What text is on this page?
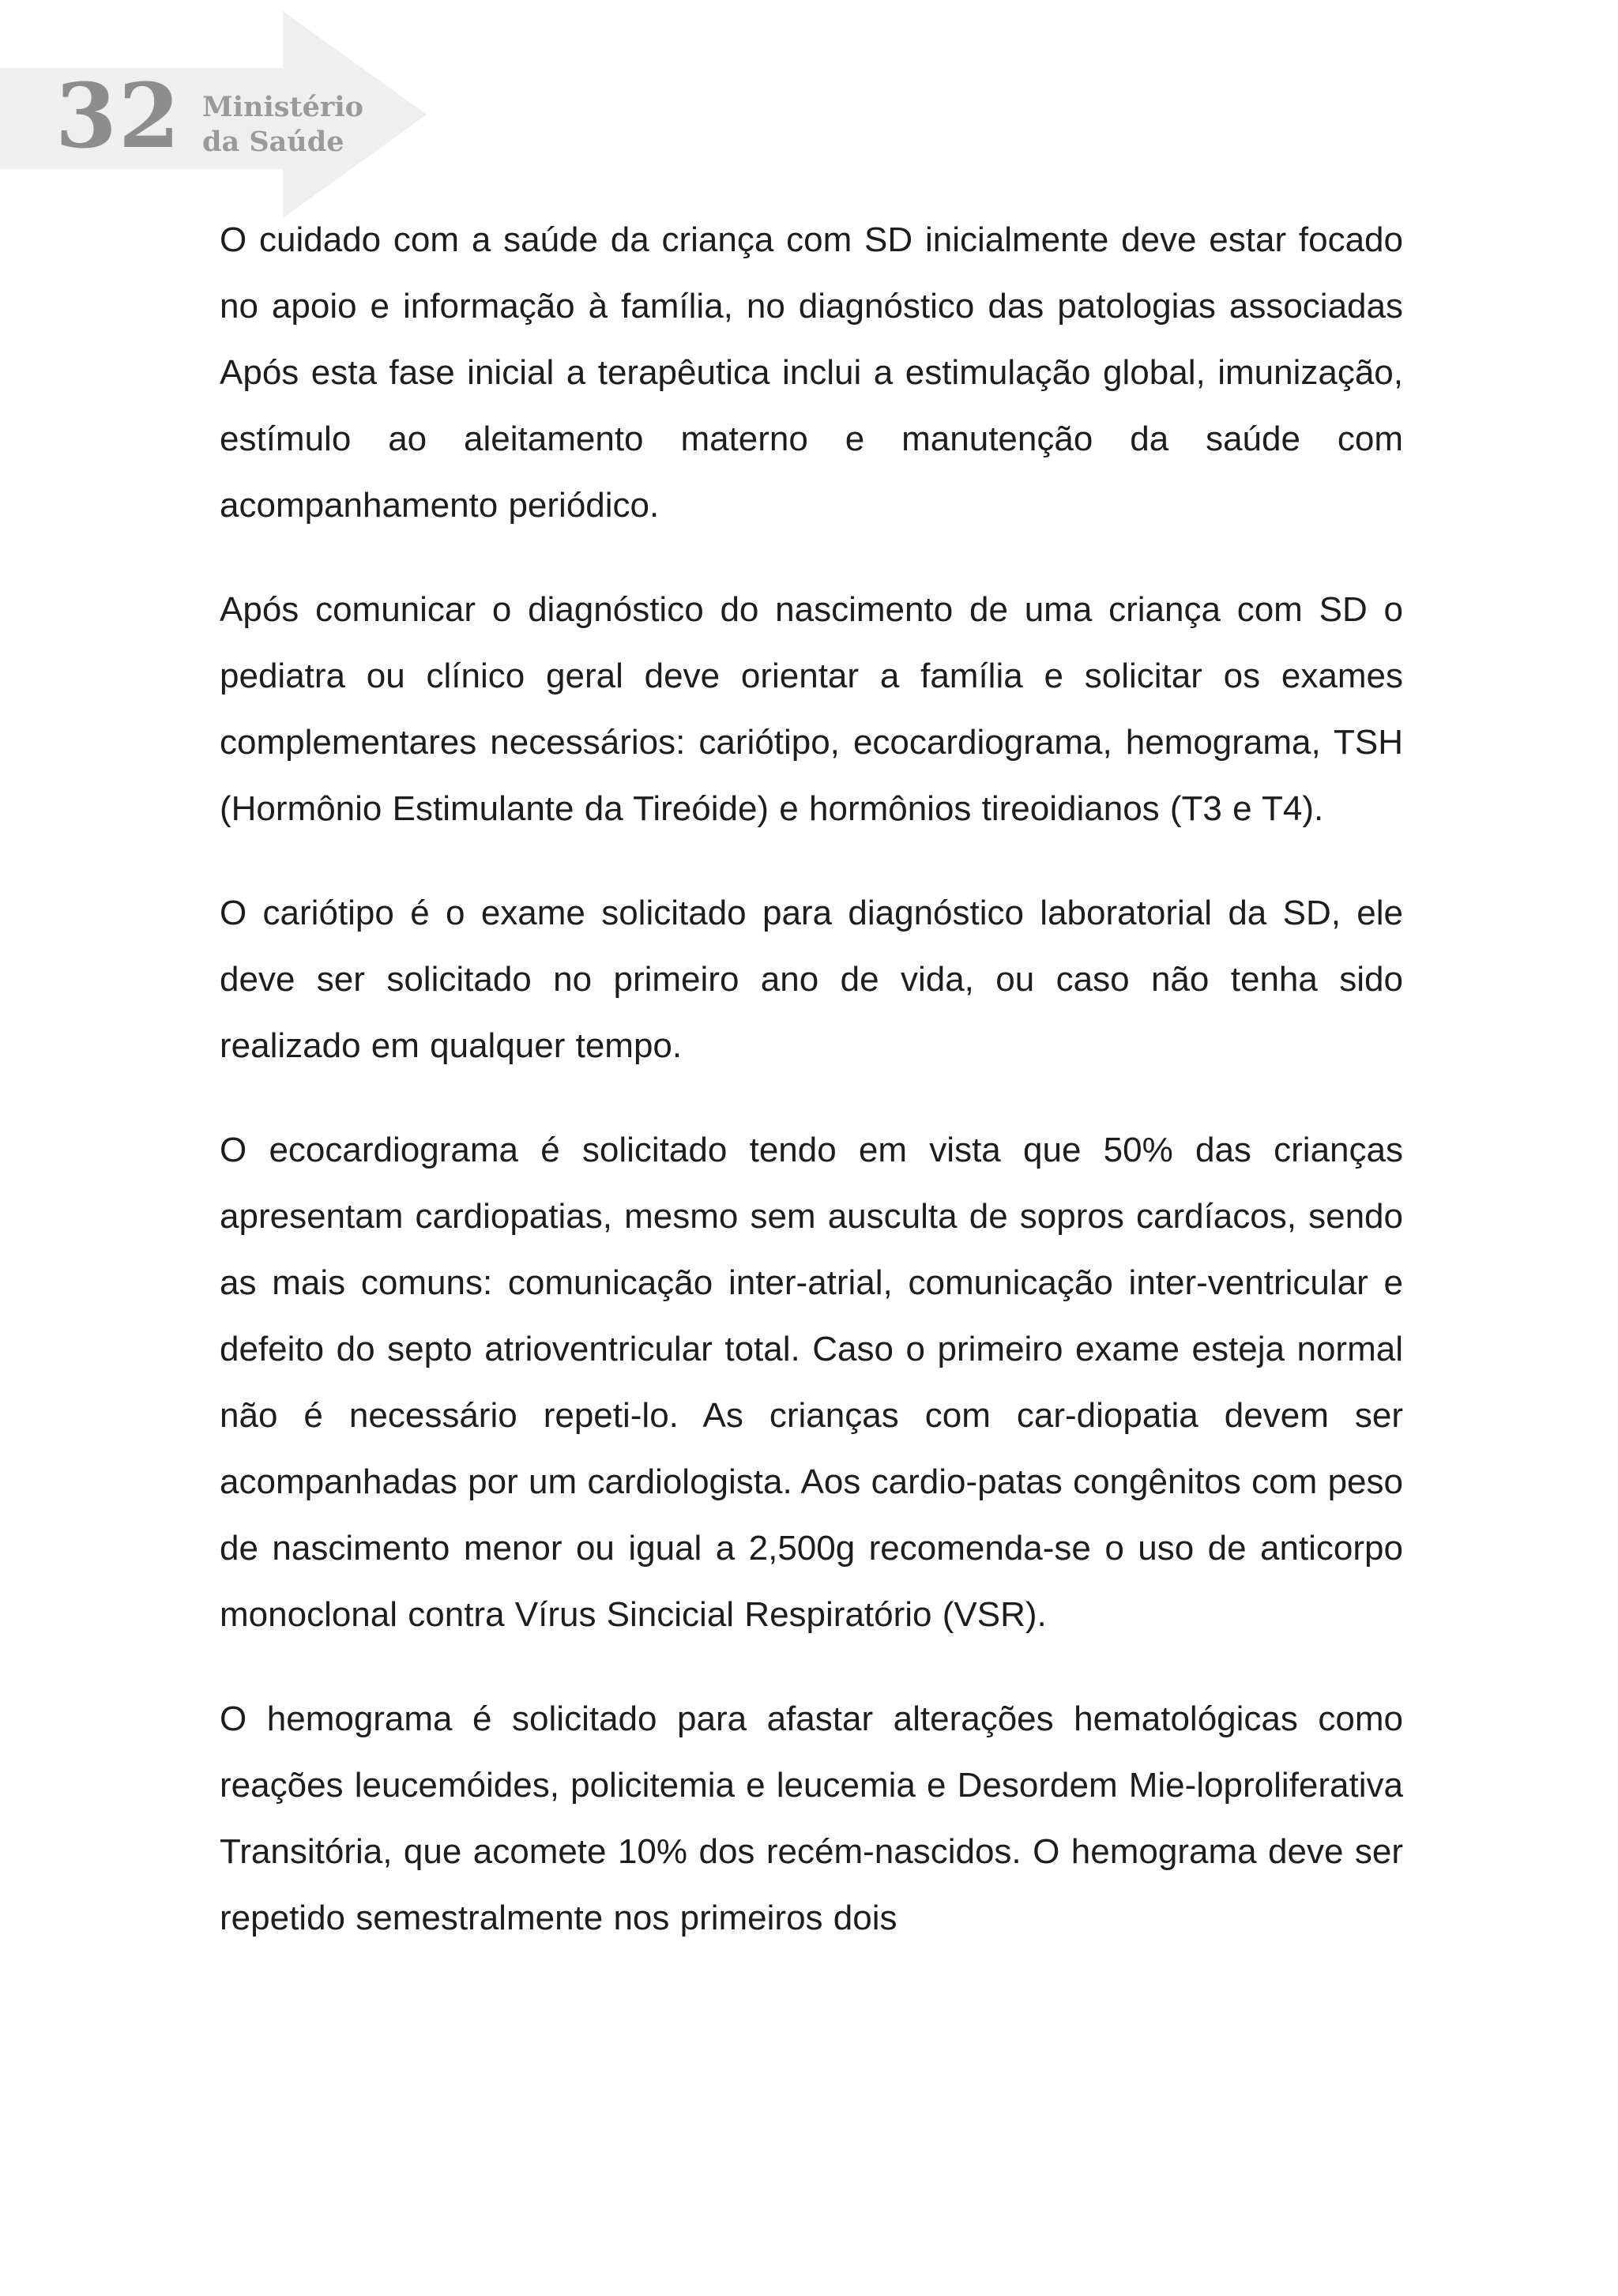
32 Ministério
da Saúde

O cuidado com a saúde da criança com SD inicialmente deve estar focado no apoio e informação à família, no diagnóstico das patologias associadas Após esta fase inicial a terapêutica inclui a estimulação global, imunização, estímulo ao aleitamento materno e manutenção da saúde com acompanhamento periódico.

Após comunicar o diagnóstico do nascimento de uma criança com SD o pediatra ou clínico geral deve orientar a família e solicitar os exames complementares necessários: cariótipo, ecocardiograma, hemograma, TSH (Hormônio Estimulante da Tireóide) e hormônios tireoidianos (T3 e T4).

O cariótipo é o exame solicitado para diagnóstico laboratorial da SD, ele deve ser solicitado no primeiro ano de vida, ou caso não tenha sido realizado em qualquer tempo.

O ecocardiograma é solicitado tendo em vista que 50% das crianças apresentam cardiopatias, mesmo sem ausculta de sopros cardíacos, sendo as mais comuns: comunicação inter-atrial, comunicação inter-ventricular e defeito do septo atrioventricular total. Caso o primeiro exame esteja normal não é necessário repeti-lo. As crianças com car-diopatia devem ser acompanhadas por um cardiologista. Aos cardio-patas congênitos com peso de nascimento menor ou igual a 2,500g recomenda-se o uso de anticorpo monoclonal contra Vírus Sincicial Respiratório (VSR).

O hemograma é solicitado para afastar alterações hematológicas como reações leucemóides, policitemia e leucemia e Desordem Mie-loproliferativa Transitória, que acomete 10% dos recém-nascidos. O hemograma deve ser repetido semestralmente nos primeiros dois
